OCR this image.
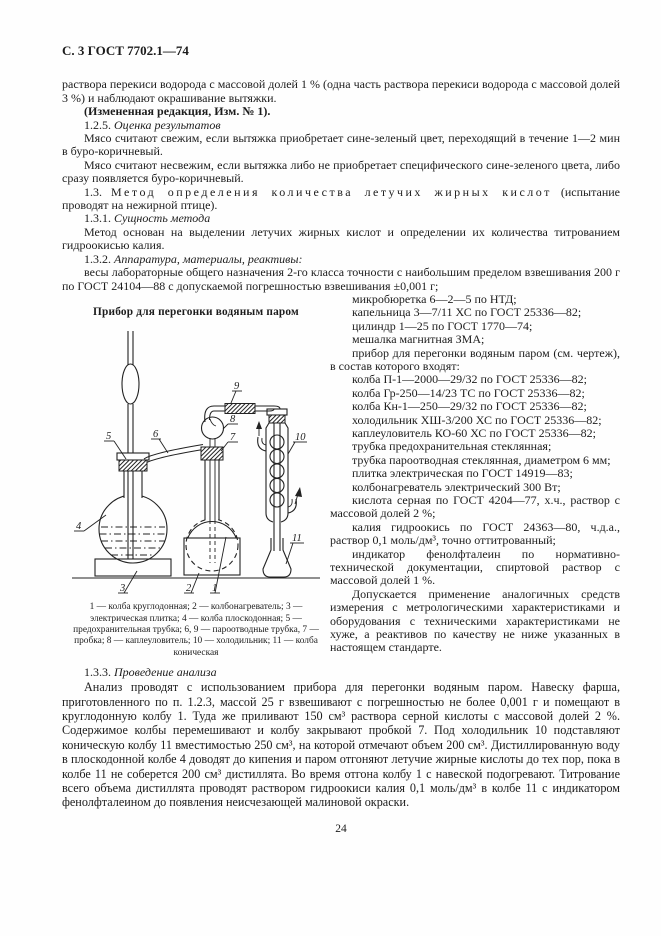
С. 3 ГОСТ 7702.1—74

раствора перекиси водорода с массовой долей 1 % (одна часть раствора перекиси водорода с массовой долей 3 %) и наблюдают окрашивание вытяжки.

(Измененная редакция, Изм. № 1).

1.2.5. Оценка результатов

Мясо считают свежим, если вытяжка приобретает сине-зеленый цвет, переходящий в течение 1—2 мин в буро-коричневый.

Мясо считают несвежим, если вытяжка либо не приобретает специфического сине-зеленого цвета, либо сразу появляется буро-коричневый.

1.3. Метод определения количества летучих жирных кислот (испытание проводят на нежирной птице).

1.3.1. Сущность метода

Метод основан на выделении летучих жирных кислот и определении их количества титрованием гидроокисью калия.

1.3.2. Аппаратура, материалы, реактивы:

весы лабораторные общего назначения 2-го класса точности с наибольшим пределом взвешивания 200 г по ГОСТ 24104—88 с допускаемой погрешностью взвешивания ±0,001 г;

Прибор для перегонки водяным паром
1
2
3
4
5	6	7
8
9
10
11
1 — колба круглодонная; 2 — колбонагреватель; 3 — электрическая плитка; 4 — колба плоскодонная; 5 — предохранительная трубка; 6, 9 — пароотводные трубка, 7 — пробка; 8 — каплеуловитель; 10 — холодильник; 11 — колба коническая

микробюретка 6—2—5 по НТД;

капельница 3—7/11 ХС по ГОСТ 25336—82;

цилиндр 1—25 по ГОСТ 1770—74;

мешалка магнитная ЗМА;

прибор для перегонки водяным паром (см. чертеж), в состав которого входят:

колба П-1—2000—29/32 по ГОСТ 25336—82;

колба Гр-250—14/23 ТС по ГОСТ 25336—82;

колба Кн-1—250—29/32 по ГОСТ 25336—82;

холодильник ХШ-3/200 ХС по ГОСТ 25336—82;

каплеуловитель КО-60 ХС по ГОСТ 25336—82;

трубка предохранительная стеклянная;

трубка пароотводная стеклянная, диаметром 6 мм;

плитка электрическая по ГОСТ 14919—83;

колбонагреватель электрический 300 Вт;

кислота серная по ГОСТ 4204—77, х.ч., раствор с массовой долей 2 %;

калия гидроокись по ГОСТ 24363—80, ч.д.а., раствор 0,1 моль/дм³, точно оттитрованный;

индикатор фенолфталеин по нормативно-технической документации, спиртовой раствор с массовой долей 1 %.

Допускается применение аналогичных средств измерения с метрологическими характеристиками и оборудования с техническими характеристиками не хуже, а реактивов по качеству не ниже указанных в настоящем стандарте.

1.3.3. Проведение анализа

Анализ проводят с использованием прибора для перегонки водяным паром. Навеску фарша, приготовленного по п. 1.2.3, массой 25 г взвешивают с погрешностью не более 0,001 г и помещают в круглодонную колбу 1. Туда же приливают 150 см³ раствора серной кислоты с массовой долей 2 %. Содержимое колбы перемешивают и колбу закрывают пробкой 7. Под холодильник 10 подставляют коническую колбу 11 вместимостью 250 см³, на которой отмечают объем 200 см³. Дистиллированную воду в плоскодонной колбе 4 доводят до кипения и паром отгоняют летучие жирные кислоты до тех пор, пока в колбе 11 не соберется 200 см³ дистиллята. Во время отгона колбу 1 с навеской подогревают. Титрование всего объема дистиллята проводят раствором гидроокиси калия 0,1 моль/дм³ в колбе 11 с индикатором фенолфталеином до появления неисчезающей малиновой окраски.

24
